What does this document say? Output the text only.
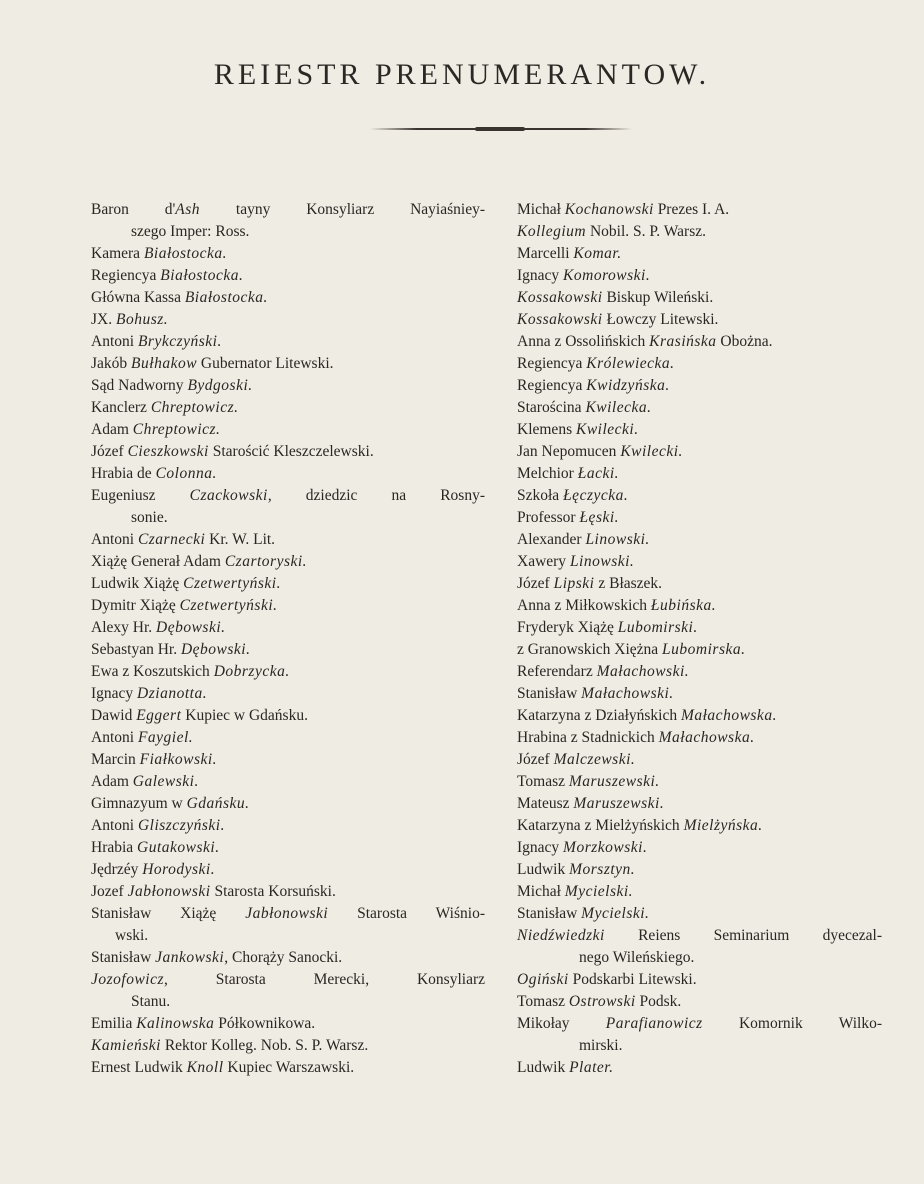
REIESTR PRENUMERANTOW.
Baron d'Ash tayny Konsyliarz Nayiaśniey-
szego Imper: Ross.
Kamera Białostocka.
Regiencya Białostocka.
Główna Kassa Białostocka.
JX. Bohusz.
Antoni Brykczyński.
Jakób Bułhakow Gubernator Litewski.
Sąd Nadworny Bydgoski.
Kanclerz Chreptowicz.
Adam Chreptowicz.
Józef Cieszkowski Starościć Kleszczelewski.
Hrabia de Colonna.
Eugeniusz Czackowski, dziedzic na Rosny-
sonie.
Antoni Czarnecki Kr. W. Lit.
Xiążę Generał Adam Czartoryski.
Ludwik Xiążę Czetwertyński.
Dymitr Xiążę Czetwertyński.
Alexy Hr. Dębowski.
Sebastyan Hr. Dębowski.
Ewa z Koszutskich Dobrzycka.
Ignacy Dzianotta.
Dawid Eggert Kupiec w Gdańsku.
Antoni Faygiel.
Marcin Fiałkowski.
Adam Galewski.
Gimnazyum w Gdańsku.
Antoni Gliszczyński.
Hrabia Gutakowski.
Jędrzéy Horodyski.
Jozef Jabłonowski Starosta Korsuński.
Stanisław Xiążę Jabłonowski Starosta Wiśnio-
wski.
Stanisław Jankowski, Chorąży Sanocki.
Jozofowicz, Starosta Merecki, Konsyliarz
Stanu.
Emilia Kalinowska Półkownikowa.
Kamieński Rektor Kolleg. Nob. S. P. Warsz.
Ernest Ludwik Knoll Kupiec Warszawski.
Michał Kochanowski Prezes I. A.
Kollegium Nobil. S. P. Warsz.
Marcelli Komar.
Ignacy Komorowski.
Kossakowski Biskup Wileński.
Kossakowski Łowczy Litewski.
Anna z Ossolińskich Krasińska Obożna.
Regiencya Królewiecka.
Regiencya Kwidzyńska.
Starościna Kwilecka.
Klemens Kwilecki.
Jan Nepomucen Kwilecki.
Melchior Łacki.
Szkoła Łęczycka.
Professor Łęski.
Alexander Linowski.
Xawery Linowski.
Józef Lipski z Błaszek.
Anna z Miłkowskich Łubińska.
Fryderyk Xiążę Lubomirski.
z Granowskich Xiężna Lubomirska.
Referendarz Małachowski.
Stanisław Małachowski.
Katarzyna z Działyńskich Małachowska.
Hrabina z Stadnickich Małachowska.
Józef Malczewski.
Tomasz Maruszewski.
Mateusz Maruszewski.
Katarzyna z Mielżyńskich Mielżyńska.
Ignacy Morzkowski.
Ludwik Morsztyn.
Michał Mycielski.
Stanisław Mycielski.
Niedźwiedzki Reiens Seminarium dyecezal-
nego Wileńskiego.
Ogiński Podskarbi Litewski.
Tomasz Ostrowski Podsk.
Mikołay Parafianowicz Komornik Wilko-
mirski.
Ludwik Plater.
